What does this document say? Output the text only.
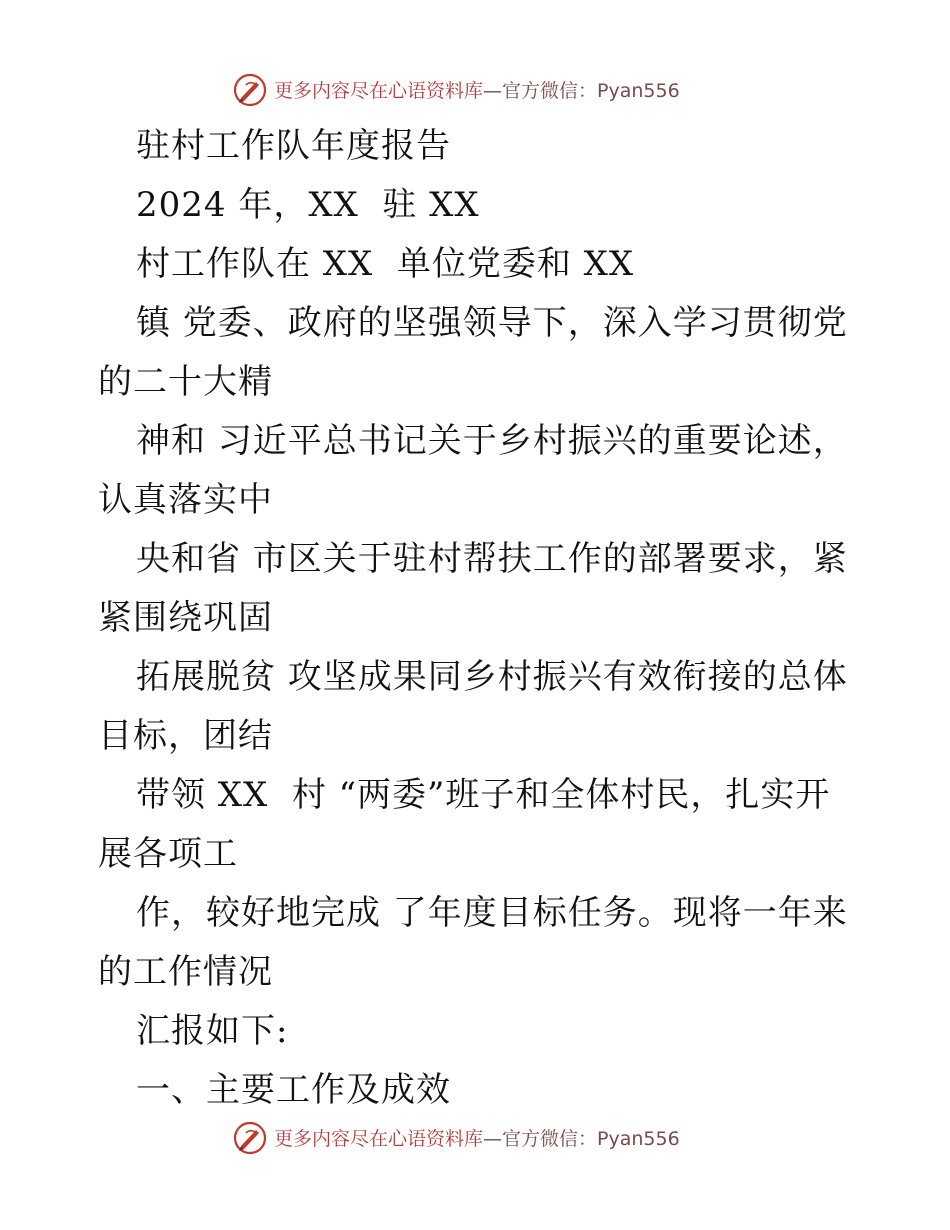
更多内容尽在心语资料库—官方微信：Pyan556
驻村工作队年度报告
2024 年，XX  驻 XX
村工作队在 XX  单位党委和 XX
镇 党委、政府的坚强领导下，深入学习贯彻党
的二十大精
神和 习近平总书记关于乡村振兴的重要论述，
认真落实中
央和省 市区关于驻村帮扶工作的部署要求，紧
紧围绕巩固
拓展脱贫 攻坚成果同乡村振兴有效衔接的总体
目标，团结
带领 XX  村 “两委”班子和全体村民，扎实开
展各项工
作，较好地完成 了年度目标任务。现将一年来
的工作情况
汇报如下:
一、主要工作及成效
更多内容尽在心语资料库—官方微信：Pyan556
